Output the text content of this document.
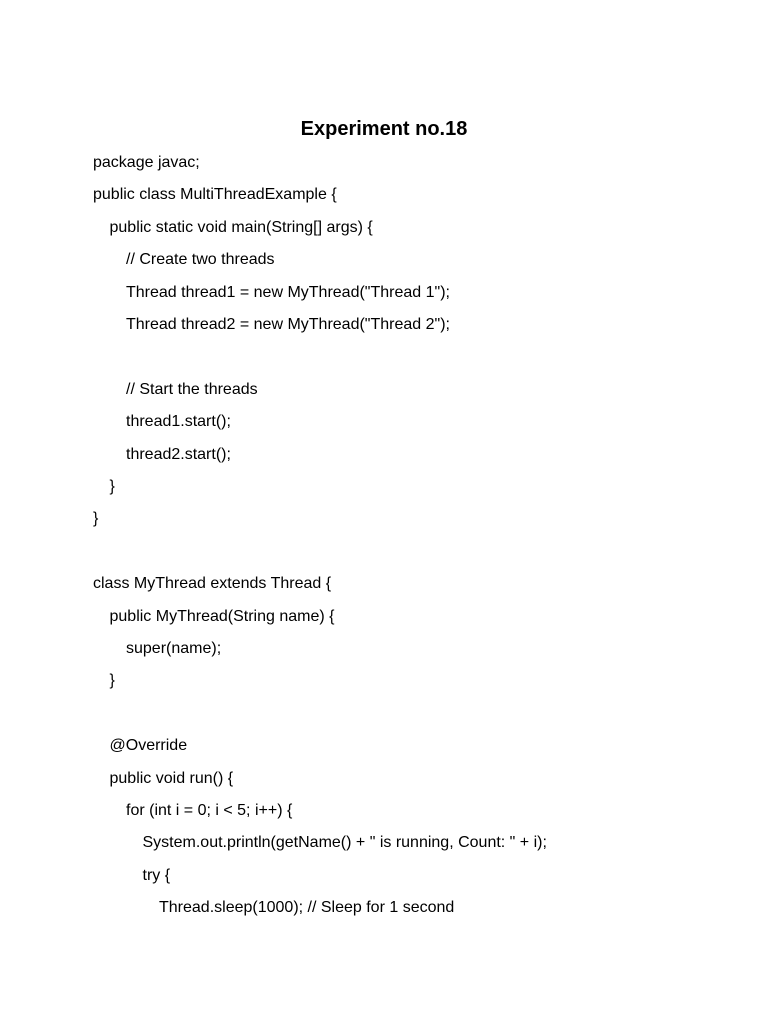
Experiment no.18
package javac;
public class MultiThreadExample {
public static void main(String[] args) {
// Create two threads
Thread thread1 = new MyThread("Thread 1");
Thread thread2 = new MyThread("Thread 2");
// Start the threads
thread1.start();
thread2.start();
}
}
class MyThread extends Thread {
public MyThread(String name) {
super(name);
}
@Override
public void run() {
for (int i = 0; i < 5; i++) {
System.out.println(getName() + " is running, Count: " + i);
try {
Thread.sleep(1000); // Sleep for 1 second
